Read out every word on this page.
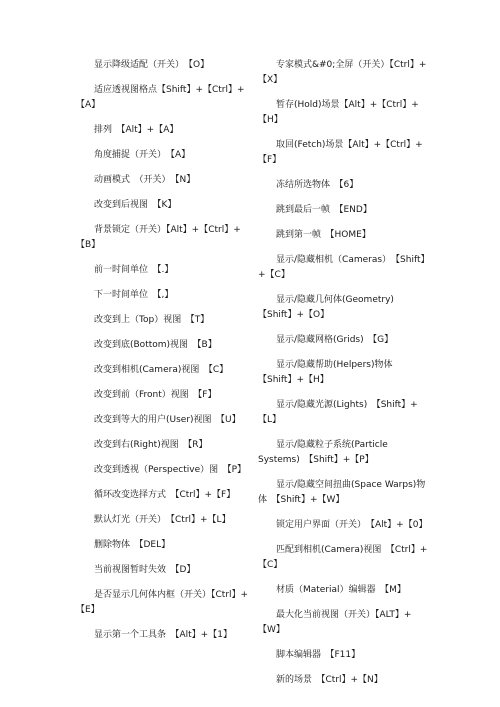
　　显示降级适配（开关）　【O】

　　适应透视图格点【Shift】+【Ctrl】+
【A】

　　排列　【Alt】+【A】

　　角度捕捉（开关）　【A】

　　动画模式　（开关）　【N】

　　改变到后视图　【K】

　　背景锁定（开关）【Alt】+【Ctrl】+【B】

　　前一时间单位　【.】

　　下一时间单位　【,】

　　改变到上（Top）视图　【T】

　　改变到底(Bottom)视图　【B】

　　改变到相机(Camera)视图　【C】

　　改变到前（Front）视图　【F】

　　改变到等大的用户(User)视图　【U】

　　改变到右(Right)视图　【R】

　　改变到透视（Perspective）图　【P】

　　循环改变选择方式　【Ctrl】+【F】

　　默认灯光（开关）　【Ctrl】+【L】

　　删除物体　【DEL】

　　当前视图暂时失效　【D】

　　是否显示几何体内框（开关）【Ctrl】+
【E】

　　显示第一个工具条　【Alt】+【1】

　　专家模式&#0;全屏（开关）【Ctrl】+
【X】

　　暂存(Hold)场景【Alt】+【Ctrl】+【H】

　　取回(Fetch)场景【Alt】+【Ctrl】+【F】

　　冻结所选物体　【6】

　　跳到最后一帧　【END】

　　跳到第一帧　【HOME】

　　显示/隐藏相机（Cameras）　【Shift】
+【C】

　　显示/隐藏几何体(Geometry)
【Shift】+【O】

　　显示/隐藏网格(Grids)　【G】

　　显示/隐藏帮助(Helpers)物体
【Shift】+【H】

　　显示/隐藏光源(Lights)　【Shift】+
【L】

　　显示/隐藏粒子系统(Particle
Systems)　【Shift】+【P】

　　显示/隐藏空间扭曲(Space Warps)物
体　【Shift】+【W】

　　锁定用户界面（开关）　【Alt】+【0】

　　匹配到相机(Camera)视图　【Ctrl】+
【C】

　　材质（Material）编辑器　【M】

　　最大化当前视图（开关）【ALT】+【W】

　　脚本编辑器　【F11】

　　新的场景　【Ctrl】+【N】
